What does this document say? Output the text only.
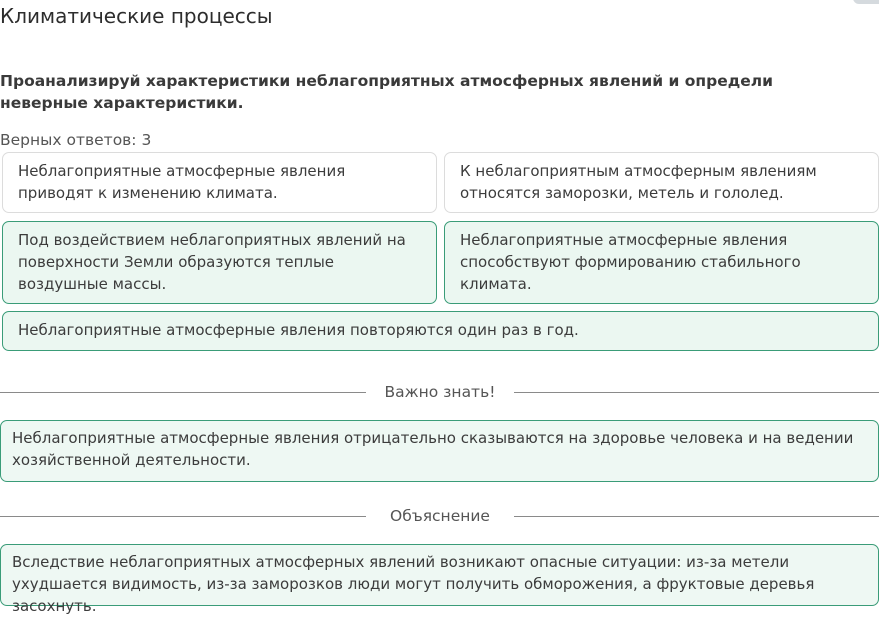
Климатические процессы
Проанализируй характеристики неблагоприятных атмосферных явлений и определи неверные характеристики.
Верных ответов: 3
Неблагоприятные атмосферные явления приводят к изменению климата.
К неблагоприятным атмосферным явлениям относятся заморозки, метель и гололед.
Под воздействием неблагоприятных явлений на поверхности Земли образуются теплые воздушные массы.
Неблагоприятные атмосферные явления способствуют формированию стабильного климата.
Неблагоприятные атмосферные явления повторяются один раз в год.
Важно знать!
Неблагоприятные атмосферные явления отрицательно сказываются на здоровье человека и на ведении хозяйственной деятельности.
Объяснение
Вследствие неблагоприятных атмосферных явлений возникают опасные ситуации: из-за метели ухудшается видимость, из-за заморозков люди могут получить обморожения, а фруктовые деревья засохнуть.
